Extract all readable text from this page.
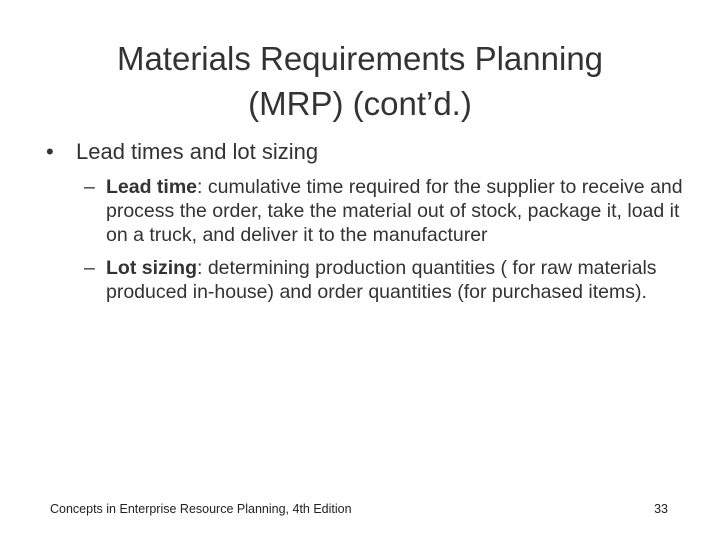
Materials Requirements Planning
(MRP) (cont’d.)
• Lead times and lot sizing
– Lead time: cumulative time required for the supplier to receive and process the order, take the material out of stock, package it, load it on a truck, and deliver it to the manufacturer
– Lot sizing: determining production quantities ( for raw materials produced in-house) and order quantities (for purchased items).
Concepts in Enterprise Resource Planning, 4th Edition	33
